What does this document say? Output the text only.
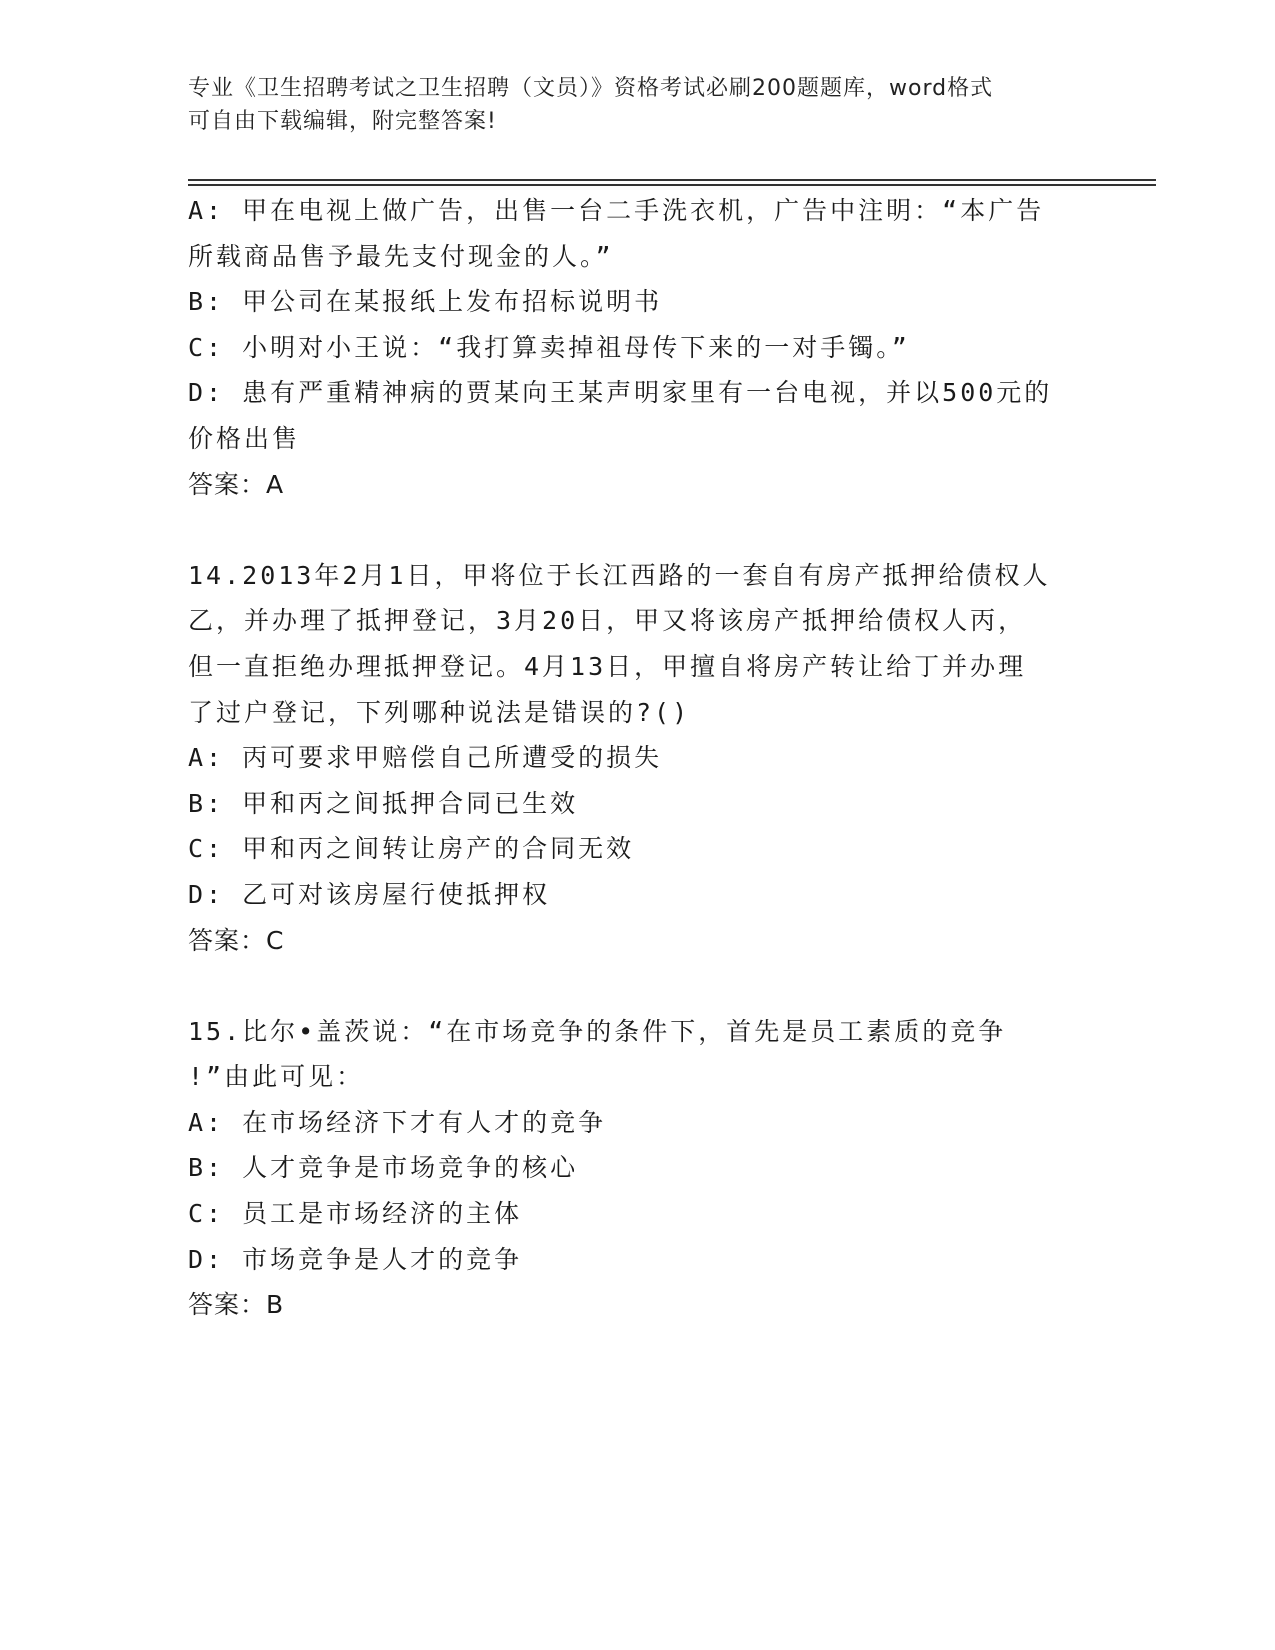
专业《卫生招聘考试之卫生招聘（文员）》资格考试必刷200题题库，word格式
可自由下载编辑，附完整答案!
A: 甲在电视上做广告，出售一台二手洗衣机，广告中注明：“本广告
所载商品售予最先支付现金的人。”
B: 甲公司在某报纸上发布招标说明书
C: 小明对小王说：“我打算卖掉祖母传下来的一对手镯。”
D: 患有严重精神病的贾某向王某声明家里有一台电视，并以500元的
价格出售
答案：A
14.2013年2月1日，甲将位于长江西路的一套自有房产抵押给债权人
乙，并办理了抵押登记，3月20日，甲又将该房产抵押给债权人丙，
但一直拒绝办理抵押登记。4月13日，甲擅自将房产转让给丁并办理
了过户登记，下列哪种说法是错误的?()
A: 丙可要求甲赔偿自己所遭受的损失
B: 甲和丙之间抵押合同已生效
C: 甲和丙之间转让房产的合同无效
D: 乙可对该房屋行使抵押权
答案：C
15.比尔•盖茨说：“在市场竞争的条件下，首先是员工素质的竞争
!”由此可见：
A: 在市场经济下才有人才的竞争
B: 人才竞争是市场竞争的核心
C: 员工是市场经济的主体
D: 市场竞争是人才的竞争
答案：B
